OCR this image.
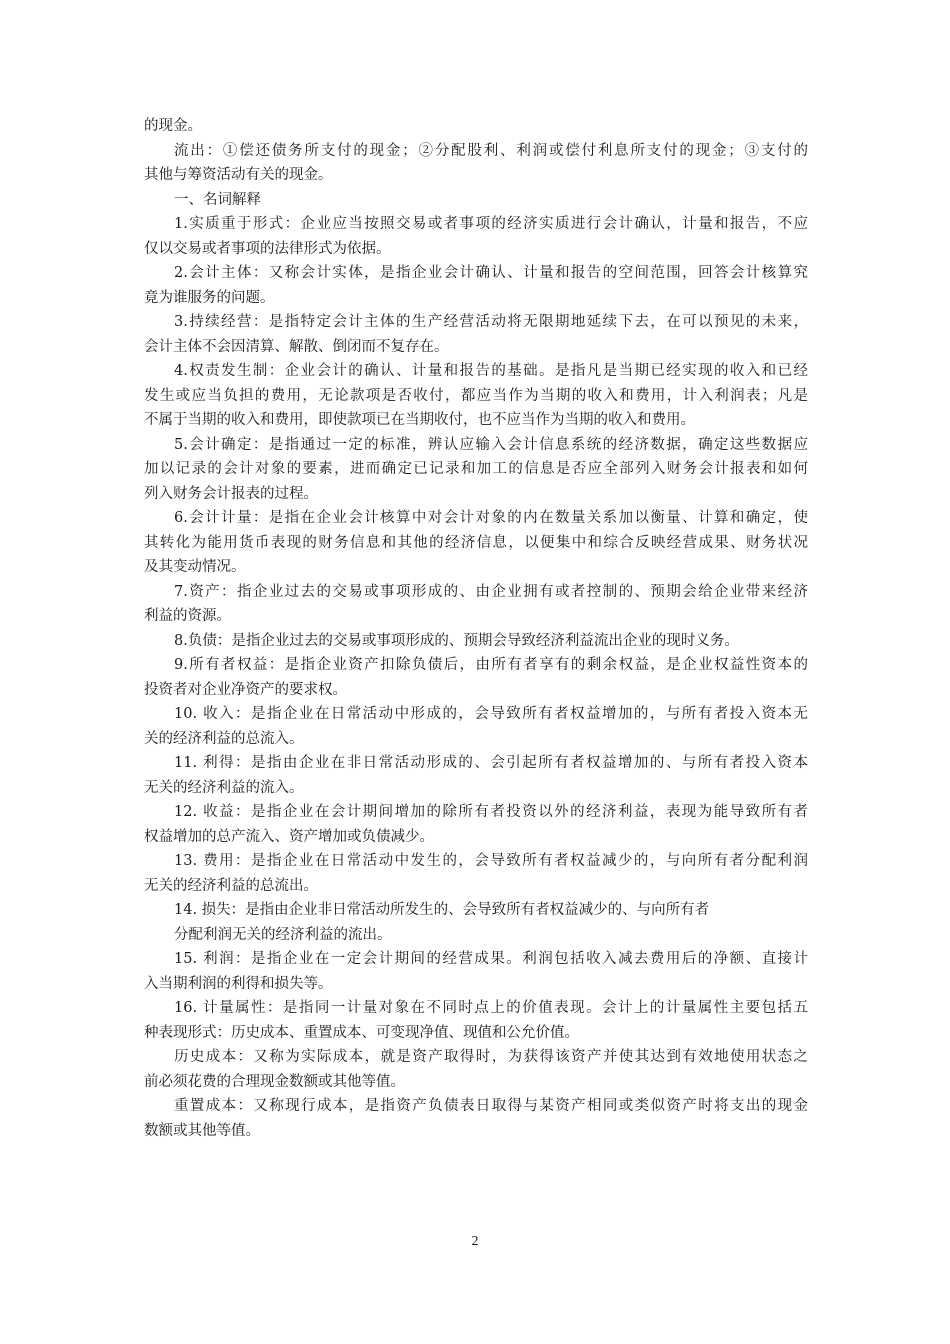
的现金。
流出：①偿还债务所支付的现金；②分配股利、利润或偿付利息所支付的现金；③支付的
其他与筹资活动有关的现金。
一、名词解释
1.实质重于形式：企业应当按照交易或者事项的经济实质进行会计确认，计量和报告，不应
仅以交易或者事项的法律形式为依据。
2.会计主体：又称会计实体，是指企业会计确认、计量和报告的空间范围，回答会计核算究
竟为谁服务的问题。
3.持续经营：是指特定会计主体的生产经营活动将无限期地延续下去，在可以预见的未来，
会计主体不会因清算、解散、倒闭而不复存在。
4.权责发生制：企业会计的确认、计量和报告的基础。是指凡是当期已经实现的收入和已经
发生或应当负担的费用，无论款项是否收付，都应当作为当期的收入和费用，计入利润表；凡是
不属于当期的收入和费用，即使款项已在当期收付，也不应当作为当期的收入和费用。
5.会计确定：是指通过一定的标准，辨认应输入会计信息系统的经济数据，确定这些数据应
加以记录的会计对象的要素，进而确定已记录和加工的信息是否应全部列入财务会计报表和如何
列入财务会计报表的过程。
6.会计计量：是指在企业会计核算中对会计对象的内在数量关系加以衡量、计算和确定，使
其转化为能用货币表现的财务信息和其他的经济信息，以便集中和综合反映经营成果、财务状况
及其变动情况。
7.资产：指企业过去的交易或事项形成的、由企业拥有或者控制的、预期会给企业带来经济
利益的资源。
8.负债：是指企业过去的交易或事项形成的、预期会导致经济利益流出企业的现时义务。
9.所有者权益：是指企业资产扣除负债后，由所有者享有的剩余权益，是企业权益性资本的
投资者对企业净资产的要求权。
10. 收入：是指企业在日常活动中形成的，会导致所有者权益增加的，与所有者投入资本无
关的经济利益的总流入。
11. 利得：是指由企业在非日常活动形成的、会引起所有者权益增加的、与所有者投入资本
无关的经济利益的流入。
12. 收益：是指企业在会计期间增加的除所有者投资以外的经济利益，表现为能导致所有者
权益增加的总产流入、资产增加或负债减少。
13. 费用：是指企业在日常活动中发生的，会导致所有者权益减少的，与向所有者分配利润
无关的经济利益的总流出。
14. 损失：是指由企业非日常活动所发生的、会导致所有者权益减少的、与向所有者
分配利润无关的经济利益的流出。
15. 利润：是指企业在一定会计期间的经营成果。利润包括收入减去费用后的净额、直接计
入当期利润的利得和损失等。
16. 计量属性：是指同一计量对象在不同时点上的价值表现。会计上的计量属性主要包括五
种表现形式：历史成本、重置成本、可变现净值、现值和公允价值。
历史成本：又称为实际成本，就是资产取得时，为获得该资产并使其达到有效地使用状态之
前必须花费的合理现金数额或其他等值。
重置成本：又称现行成本，是指资产负债表日取得与某资产相同或类似资产时将支出的现金
数额或其他等值。
2
